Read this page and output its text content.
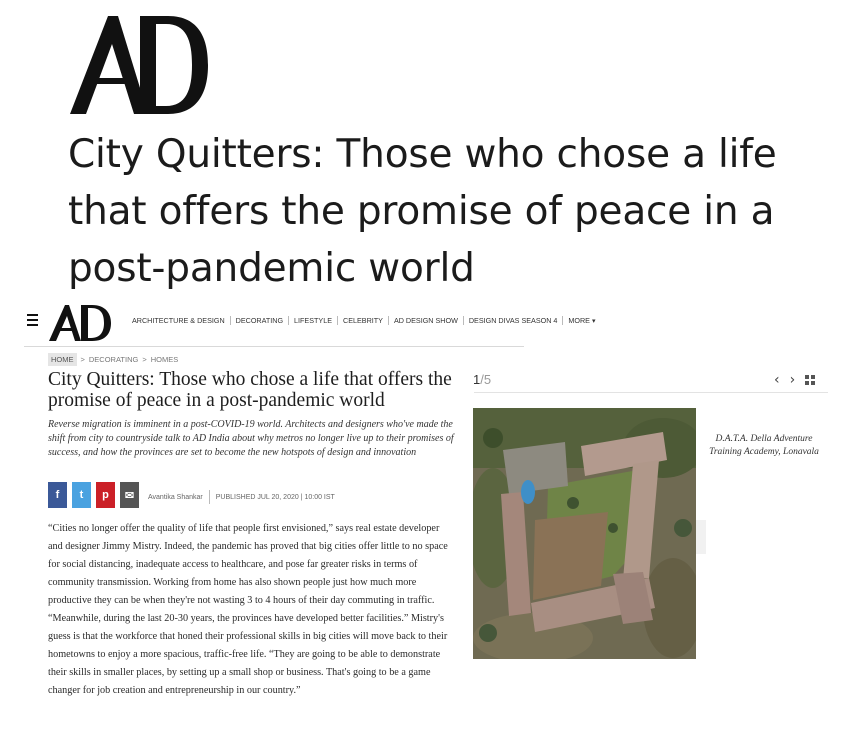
City Quitters: Those who chose a life that offers the promise of peace in a post-pandemic world
ARCHITECTURE & DESIGN	DECORATING	LIFESTYLE	CELEBRITY	AD DESIGN SHOW	DESIGN DIVAS SEASON 4	MORE ▾
HOME > DECORATING > HOMES
City Quitters: Those who chose a life that offers the promise of peace in a post-pandemic world

Reverse migration is imminent in a post-COVID-19 world. Architects and designers who've made the shift from city to countryside talk to AD India about why metros no longer live up to their promises of success, and how the provinces are set to become the new hotspots of design and innovation

f t p ✉ Avantika Shankar PUBLISHED JUL 20, 2020 | 10:00 IST

“Cities no longer offer the quality of life that people first envisioned,” says real estate developer and designer Jimmy Mistry. Indeed, the pandemic has proved that big cities offer little to no space for social distancing, inadequate access to healthcare, and pose far greater risks in terms of community transmission. Working from home has also shown people just how much more productive they can be when they're not wasting 3 to 4 hours of their day commuting in traffic. “Meanwhile, during the last 20-30 years, the provinces have developed better facilities.” Mistry's guess is that the workforce that honed their professional skills in big cities will move back to their hometowns to enjoy a more spacious, traffic-free life. “They are going to be able to demonstrate their skills in smaller places, by setting up a small shop or business. That's going to be a game changer for job creation and entrepreneurship in our country.”

1/5	‹ ›

D.A.T.A. Della Adventure Training Academy, Lonavala
